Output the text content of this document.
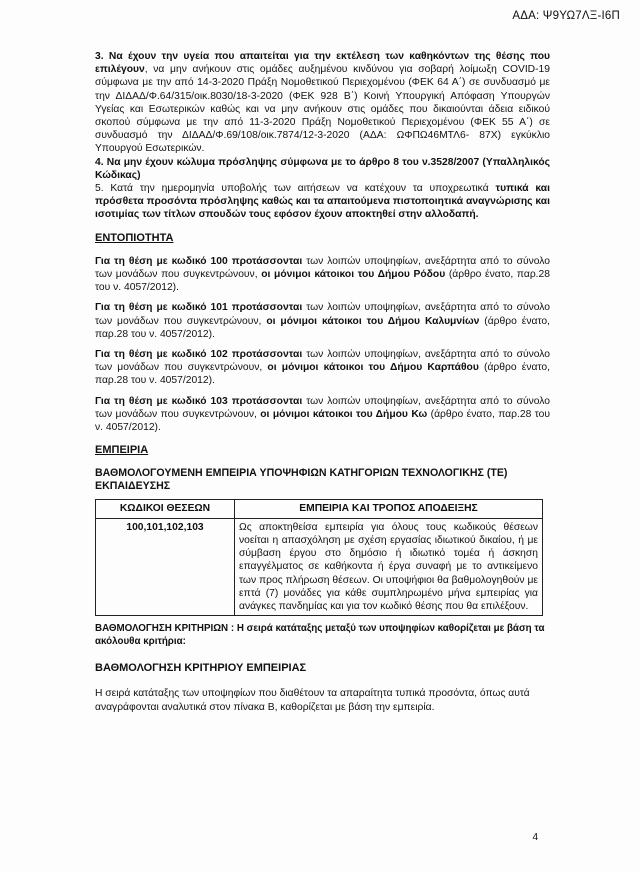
ΑΔΑ: Ψ9ΥΩ7ΛΞ-Ι6Π

3. Να έχουν την υγεία που απαιτείται για την εκτέλεση των καθηκόντων της θέσης που επιλέγουν, να μην ανήκουν στις ομάδες αυξημένου κινδύνου για σοβαρή λοίμωξη COVID-19 σύμφωνα με την από 14-3-2020 Πράξη Νομοθετικού Περιεχομένου (ΦΕΚ 64 Α΄) σε συνδυασμό με την ΔΙΔΑΔ/Φ.64/315/οικ.8030/18-3-2020 (ΦΕΚ 928 Β΄) Κοινή Υπουργική Απόφαση Υπουργών Υγείας και Εσωτερικών καθώς και να μην ανήκουν στις ομάδες που δικαιούνται άδεια ειδικού σκοπού σύμφωνα με την από 11-3-2020 Πράξη Νομοθετικού Περιεχομένου (ΦΕΚ 55 Α΄) σε συνδυασμό την ΔΙΔΑΔ/Φ.69/108/οικ.7874/12-3-2020 (ΑΔΑ: ΩΦΠΩ46ΜΤΛ6- 87Χ) εγκύκλιο Υπουργού Εσωτερικών.

4. Να μην έχουν κώλυμα πρόσληψης σύμφωνα με το άρθρο 8 του ν.3528/2007 (Υπαλληλικός Κώδικας)

5. Κατά την ημερομηνία υποβολής των αιτήσεων να κατέχουν τα υποχρεωτικά τυπικά και πρόσθετα προσόντα πρόσληψης καθώς και τα απαιτούμενα πιστοποιητικά αναγνώρισης και ισοτιμίας των τίτλων σπουδών τους εφόσον έχουν αποκτηθεί στην αλλοδαπή.

ΕΝΤΟΠΙΟΤΗΤΑ

Για τη θέση με κωδικό 100 προτάσσονται των λοιπών υποψηφίων, ανεξάρτητα από το σύνολο των μονάδων που συγκεντρώνουν, οι μόνιμοι κάτοικοι του Δήμου Ρόδου (άρθρο ένατο, παρ.28 του ν. 4057/2012).

Για τη θέση με κωδικό 101 προτάσσονται των λοιπών υποψηφίων, ανεξάρτητα από το σύνολο των μονάδων που συγκεντρώνουν, οι μόνιμοι κάτοικοι του Δήμου Καλυμνίων (άρθρο ένατο, παρ.28 του ν. 4057/2012).

Για τη θέση με κωδικό 102 προτάσσονται των λοιπών υποψηφίων, ανεξάρτητα από το σύνολο των μονάδων που συγκεντρώνουν, οι μόνιμοι κάτοικοι του Δήμου Καρπάθου (άρθρο ένατο, παρ.28 του ν. 4057/2012).

Για τη θέση με κωδικό 103 προτάσσονται των λοιπών υποψηφίων, ανεξάρτητα από το σύνολο των μονάδων που συγκεντρώνουν, οι μόνιμοι κάτοικοι του Δήμου Κω (άρθρο ένατο, παρ.28 του ν. 4057/2012).

ΕΜΠΕΙΡΙΑ
ΒΑΘΜΟΛΟΓΟΥΜΕΝΗ ΕΜΠΕΙΡΙΑ ΥΠΟΨΗΦΙΩΝ ΚΑΤΗΓΟΡΙΩΝ ΤΕΧΝΟΛΟΓΙΚΗΣ (ΤΕ) ΕΚΠΑΙΔΕΥΣΗΣ
ΚΩΔΙΚΟΙ ΘΕΣΕΩΝ	ΕΜΠΕΙΡΙΑ ΚΑΙ ΤΡΟΠΟΣ ΑΠΟΔΕΙΞΗΣ
100,101,102,103	Ως αποκτηθείσα εμπειρία για όλους τους κωδικούς θέσεων νοείται η απασχόληση με σχέση εργασίας ιδιωτικού δικαίου, ή με σύμβαση έργου στο δημόσιο ή ιδιωτικό τομέα ή άσκηση επαγγέλματος σε καθήκοντα ή έργα συναφή με το αντικείμενο των προς πλήρωση θέσεων. Οι υποψήφιοι θα βαθμολογηθούν με επτά (7) μονάδες για κάθε συμπληρωμένο μήνα εμπειρίας για ανάγκες πανδημίας και για τον κωδικό θέσης που θα επιλέξουν.

ΒΑΘΜΟΛΟΓΗΣΗ ΚΡΙΤΗΡΙΩΝ : Η σειρά κατάταξης μεταξύ των υποψηφίων καθορίζεται με βάση τα ακόλουθα κριτήρια:

ΒΑΘΜΟΛΟΓΗΣΗ ΚΡΙΤΗΡΙΟΥ ΕΜΠΕΙΡΙΑΣ

Η σειρά κατάταξης των υποψηφίων που διαθέτουν τα απαραίτητα τυπικά προσόντα, όπως αυτά αναγράφονται αναλυτικά στον πίνακα Β, καθορίζεται με βάση την εμπειρία.

4
